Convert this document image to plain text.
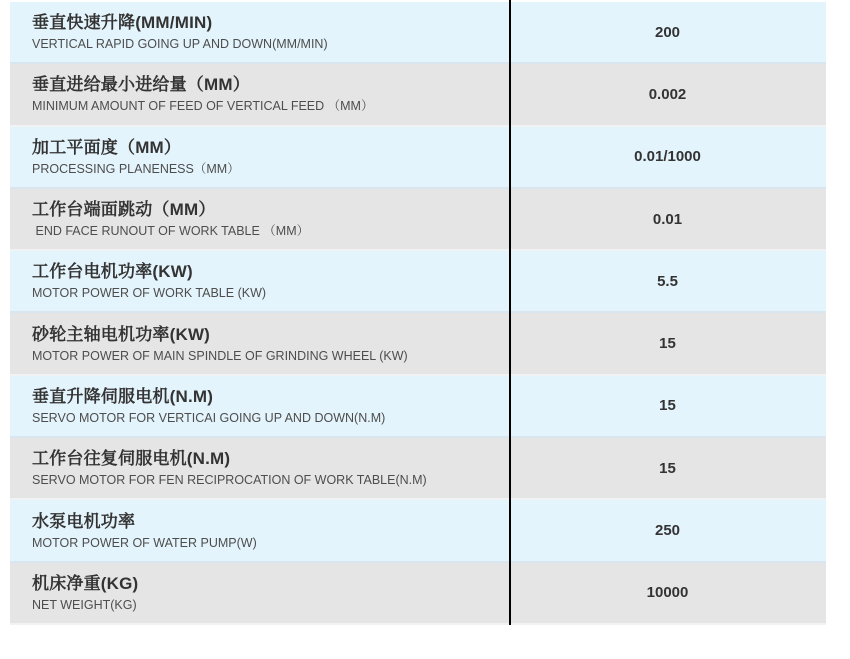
垂直快速升降(MM/MIN)
VERTICAL RAPID GOING UP AND DOWN(MM/MIN)
200
垂直进给最小进给量（MM）
MINIMUM AMOUNT OF FEED OF VERTICAL FEED （MM）
0.002
加工平面度（MM）
PROCESSING PLANENESS（MM）
0.01/1000
工作台端面跳动（MM）
END FACE RUNOUT OF WORK TABLE （MM）
0.01
工作台电机功率(KW)
MOTOR POWER OF WORK TABLE (KW)
5.5
砂轮主轴电机功率(KW)
MOTOR POWER OF MAIN SPINDLE OF GRINDING WHEEL (KW)
15
垂直升降伺服电机(N.M)
SERVO MOTOR FOR VERTICAI GOING UP AND DOWN(N.M)
15
工作台往复伺服电机(N.M)
SERVO MOTOR FOR FEN RECIPROCATION OF WORK TABLE(N.M)
15
水泵电机功率
MOTOR POWER OF WATER PUMP(W)
250
机床净重(KG)
NET WEIGHT(KG)
10000
